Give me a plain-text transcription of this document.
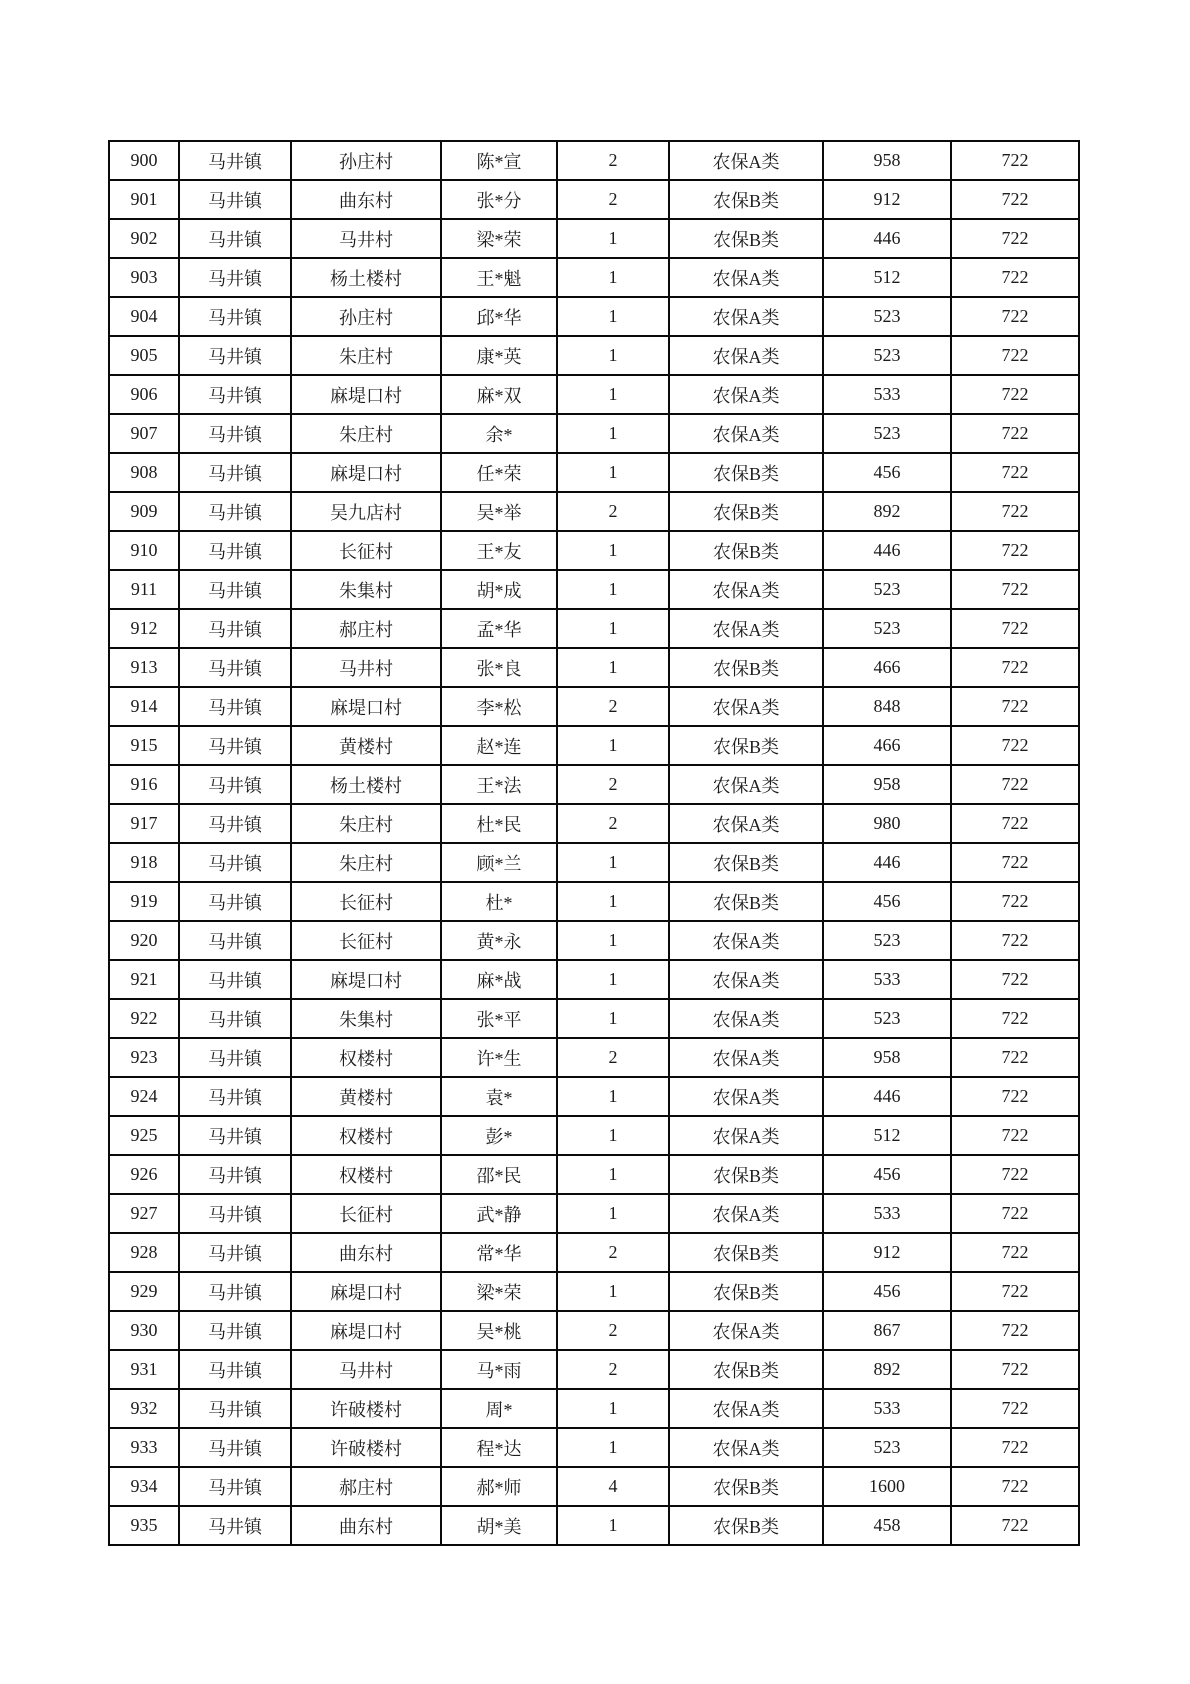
900	马井镇	孙庄村	陈*宣	2	农保A类	958	722
901	马井镇	曲东村	张*分	2	农保B类	912	722
902	马井镇	马井村	梁*荣	1	农保B类	446	722
903	马井镇	杨土楼村	王*魁	1	农保A类	512	722
904	马井镇	孙庄村	邱*华	1	农保A类	523	722
905	马井镇	朱庄村	康*英	1	农保A类	523	722
906	马井镇	麻堤口村	麻*双	1	农保A类	533	722
907	马井镇	朱庄村	余*	1	农保A类	523	722
908	马井镇	麻堤口村	任*荣	1	农保B类	456	722
909	马井镇	吴九店村	吴*举	2	农保B类	892	722
910	马井镇	长征村	王*友	1	农保B类	446	722
911	马井镇	朱集村	胡*成	1	农保A类	523	722
912	马井镇	郝庄村	孟*华	1	农保A类	523	722
913	马井镇	马井村	张*良	1	农保B类	466	722
914	马井镇	麻堤口村	李*松	2	农保A类	848	722
915	马井镇	黄楼村	赵*连	1	农保B类	466	722
916	马井镇	杨土楼村	王*法	2	农保A类	958	722
917	马井镇	朱庄村	杜*民	2	农保A类	980	722
918	马井镇	朱庄村	顾*兰	1	农保B类	446	722
919	马井镇	长征村	杜*	1	农保B类	456	722
920	马井镇	长征村	黄*永	1	农保A类	523	722
921	马井镇	麻堤口村	麻*战	1	农保A类	533	722
922	马井镇	朱集村	张*平	1	农保A类	523	722
923	马井镇	权楼村	许*生	2	农保A类	958	722
924	马井镇	黄楼村	袁*	1	农保A类	446	722
925	马井镇	权楼村	彭*	1	农保A类	512	722
926	马井镇	权楼村	邵*民	1	农保B类	456	722
927	马井镇	长征村	武*静	1	农保A类	533	722
928	马井镇	曲东村	常*华	2	农保B类	912	722
929	马井镇	麻堤口村	梁*荣	1	农保B类	456	722
930	马井镇	麻堤口村	吴*桃	2	农保A类	867	722
931	马井镇	马井村	马*雨	2	农保B类	892	722
932	马井镇	许破楼村	周*	1	农保A类	533	722
933	马井镇	许破楼村	程*达	1	农保A类	523	722
934	马井镇	郝庄村	郝*师	4	农保B类	1600	722
935	马井镇	曲东村	胡*美	1	农保B类	458	722
